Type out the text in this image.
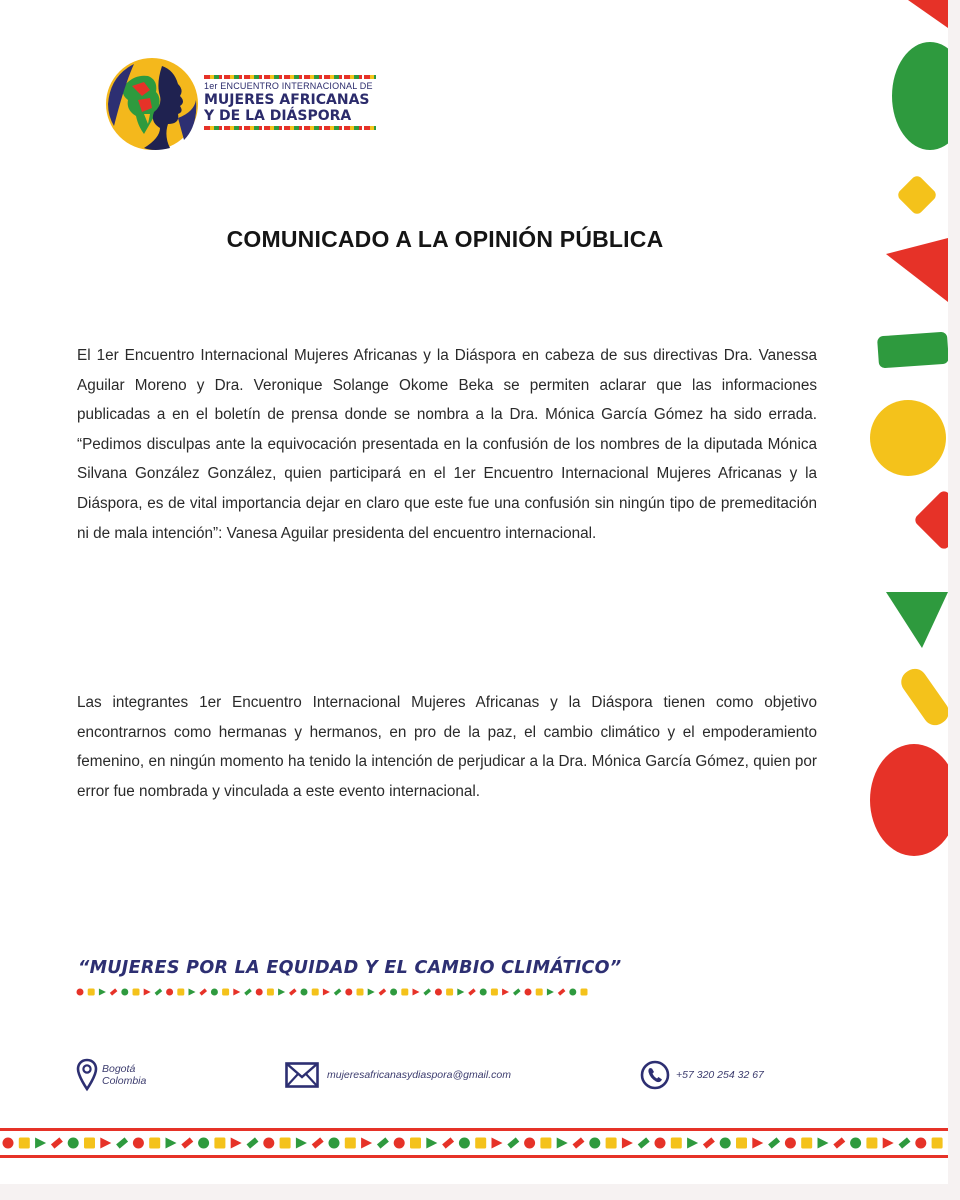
1er ENCUENTRO INTERNACIONAL DE
MUJERES AFRICANAS
Y DE LA DIÁSPORA
COMUNICADO A LA OPINIÓN PÚBLICA
El 1er Encuentro Internacional Mujeres Africanas y la Diáspora en cabeza de sus directivas Dra. Vanessa Aguilar Moreno y Dra. Veronique Solange Okome Beka se permiten aclarar que las informaciones publicadas a en el boletín de prensa donde se nombra a la Dra. Mónica García Gómez ha sido errada. “Pedimos disculpas ante la equivocación presentada en la confusión de los nombres de la diputada Mónica Silvana González González, quien participará en el 1er Encuentro Internacional Mujeres Africanas y la Diáspora, es de vital importancia dejar en claro que este fue una confusión sin ningún tipo de premeditación ni de mala intención”: Vanesa Aguilar presidenta del encuentro internacional.
Las integrantes 1er Encuentro Internacional Mujeres Africanas y la Diáspora tienen como objetivo encontrarnos como hermanas y hermanos, en pro de la paz, el cambio climático y el empoderamiento femenino, en ningún momento ha tenido la intención de perjudicar a la Dra. Mónica García Gómez, quien por error fue nombrada y vinculada a este evento internacional.
“MUJERES POR LA EQUIDAD Y EL CAMBIO CLIMÁTICO”
Bogotá
Colombia	mujeresafricanasydiaspora@gmail.com	+57 320 254 32 67
